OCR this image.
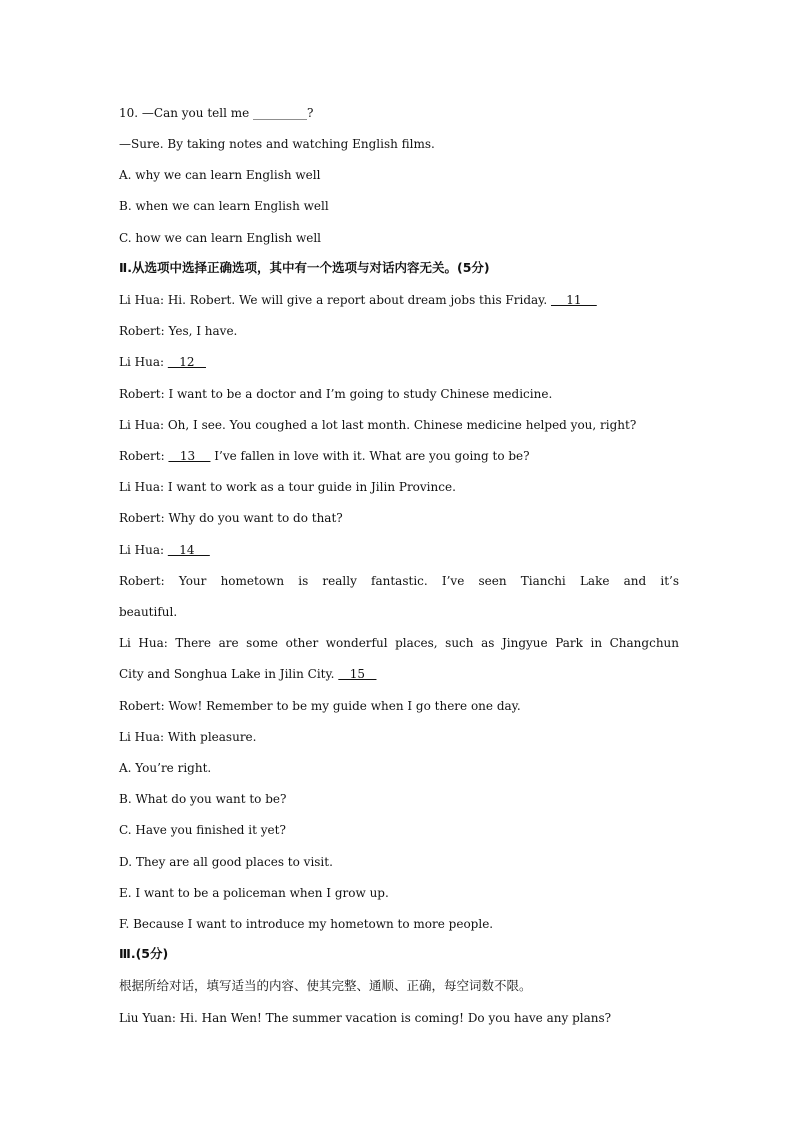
10. —Can you tell me _________?
—Sure. By taking notes and watching English films.
A. why we can learn English well
B. when we can learn English well
C. how we can learn English well
Ⅱ.从选项中选择正确选项，其中有一个选项与对话内容无关。(5分)
Li Hua: Hi. Robert. We will give a report about dream jobs this Friday.     11
Robert: Yes, I have.
Li Hua:    12
Robert: I want to be a doctor and I’m going to study Chinese medicine.
Li Hua: Oh, I see. You coughed a lot last month. Chinese medicine helped you, right?
Robert:    13     I’ve fallen in love with it. What are you going to be?
Li Hua: I want to work as a tour guide in Jilin Province.
Robert: Why do you want to do that?
Li Hua:    14
Robert: Your hometown is really fantastic. I’ve seen Tianchi Lake and it’s
beautiful.
Li Hua: There are some other wonderful places, such as Jingyue Park in Changchun
City and Songhua Lake in Jilin City.    15
Robert: Wow! Remember to be my guide when I go there one day.
Li Hua: With pleasure.
A. You’re right.
B. What do you want to be?
C. Have you finished it yet?
D. They are all good places to visit.
E. I want to be a policeman when I grow up.
F. Because I want to introduce my hometown to more people.
Ⅲ.(5分)
根据所给对话，填写适当的内容、使其完整、通顺、正确，每空词数不限。
Liu Yuan: Hi. Han Wen! The summer vacation is coming! Do you have any plans?
